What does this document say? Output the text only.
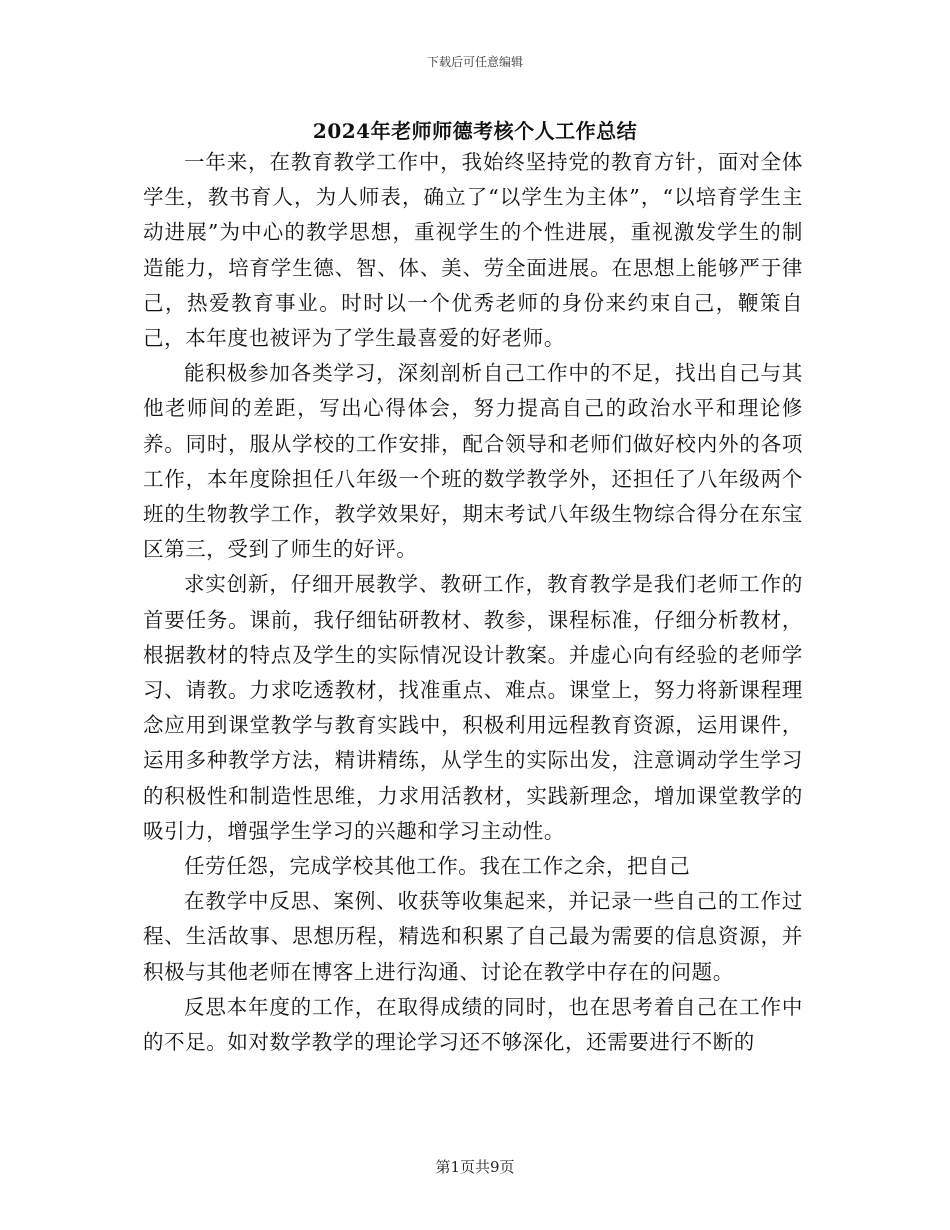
下载后可任意编辑
2024年老师师德考核个人工作总结

一年来，在教育教学工作中，我始终坚持党的教育方针，面对全体学生，教书育人，为人师表，确立了“以学生为主体”，“以培育学生主动进展”为中心的教学思想，重视学生的个性进展，重视激发学生的制造能力，培育学生德、智、体、美、劳全面进展。在思想上能够严于律己，热爱教育事业。时时以一个优秀老师的身份来约束自己，鞭策自己，本年度也被评为了学生最喜爱的好老师。

能积极参加各类学习，深刻剖析自己工作中的不足，找出自己与其他老师间的差距，写出心得体会，努力提高自己的政治水平和理论修养。同时，服从学校的工作安排，配合领导和老师们做好校内外的各项工作，本年度除担任八年级一个班的数学教学外，还担任了八年级两个班的生物教学工作，教学效果好，期末考试八年级生物综合得分在东宝区第三，受到了师生的好评。

求实创新，仔细开展教学、教研工作，教育教学是我们老师工作的首要任务。课前，我仔细钻研教材、教参，课程标准，仔细分析教材，根据教材的特点及学生的实际情况设计教案。并虚心向有经验的老师学习、请教。力求吃透教材，找准重点、难点。课堂上，努力将新课程理念应用到课堂教学与教育实践中，积极利用远程教育资源，运用课件，运用多种教学方法，精讲精练，从学生的实际出发，注意调动学生学习的积极性和制造性思维，力求用活教材，实践新理念，增加课堂教学的吸引力，增强学生学习的兴趣和学习主动性。

任劳任怨，完成学校其他工作。我在工作之余，把自己

在教学中反思、案例、收获等收集起来，并记录一些自己的工作过程、生活故事、思想历程，精选和积累了自己最为需要的信息资源，并积极与其他老师在博客上进行沟通、讨论在教学中存在的问题。

反思本年度的工作，在取得成绩的同时，也在思考着自己在工作中的不足。如对数学教学的理论学习还不够深化，还需要进行不断的

第1页共9页
